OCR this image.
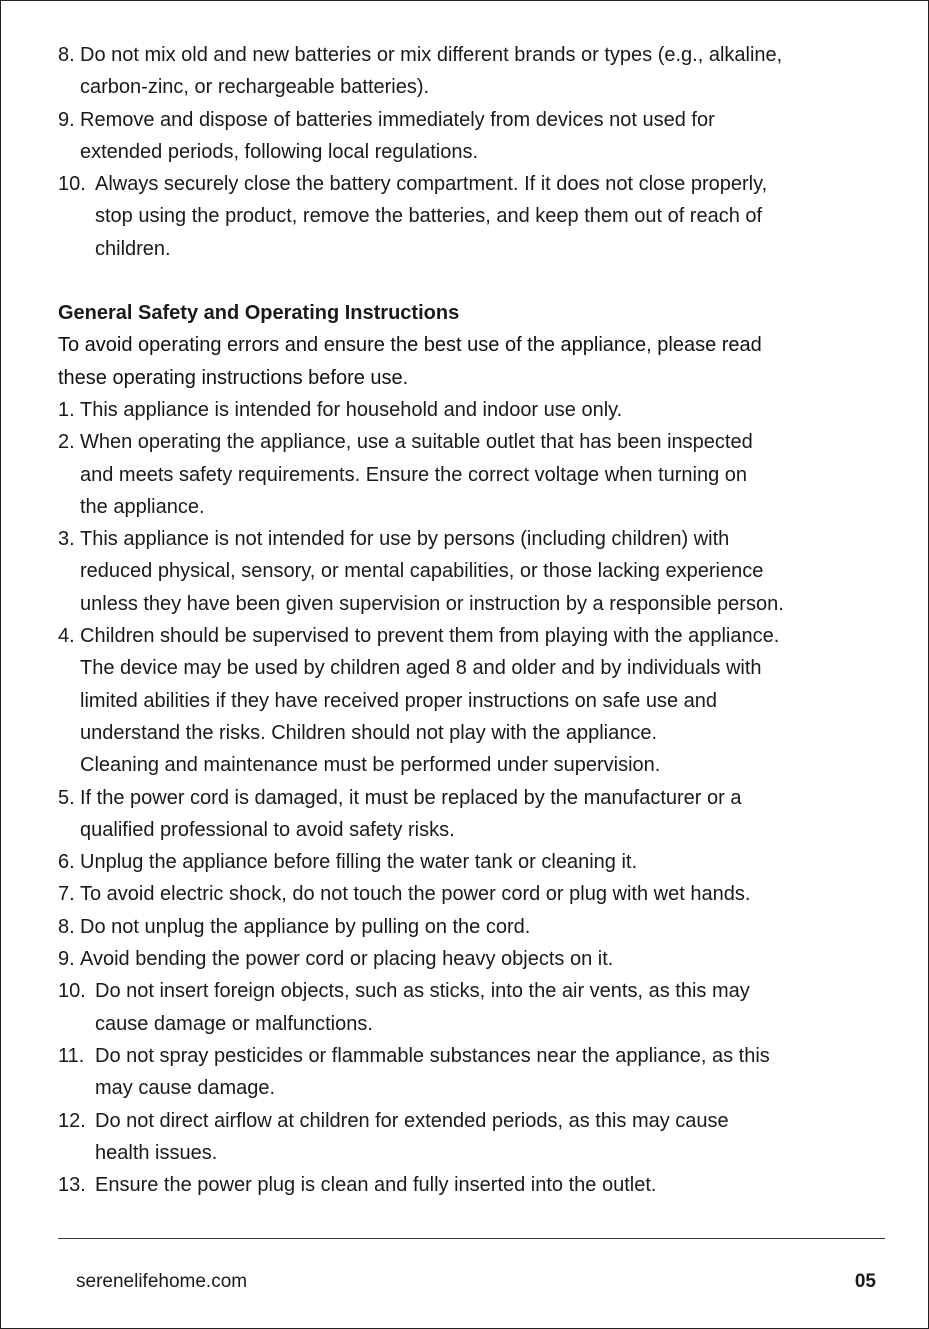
8. Do not mix old and new batteries or mix different brands or types (e.g., alkaline,
carbon-zinc, or rechargeable batteries).
9. Remove and dispose of batteries immediately from devices not used for
extended periods, following local regulations.
10. Always securely close the battery compartment. If it does not close properly,
stop using the product, remove the batteries, and keep them out of reach of
children.
General Safety and Operating Instructions
To avoid operating errors and ensure the best use of the appliance, please read
these operating instructions before use.
1. This appliance is intended for household and indoor use only.
2. When operating the appliance, use a suitable outlet that has been inspected
and meets safety requirements. Ensure the correct voltage when turning on
the appliance.
3. This appliance is not intended for use by persons (including children) with
reduced physical, sensory, or mental capabilities, or those lacking experience
unless they have been given supervision or instruction by a responsible person.
4. Children should be supervised to prevent them from playing with the appliance.
The device may be used by children aged 8 and older and by individuals with
limited abilities if they have received proper instructions on safe use and
understand the risks. Children should not play with the appliance.
Cleaning and maintenance must be performed under supervision.
5. If the power cord is damaged, it must be replaced by the manufacturer or a
qualified professional to avoid safety risks.
6. Unplug the appliance before filling the water tank or cleaning it.
7. To avoid electric shock, do not touch the power cord or plug with wet hands.
8. Do not unplug the appliance by pulling on the cord.
9. Avoid bending the power cord or placing heavy objects on it.
10. Do not insert foreign objects, such as sticks, into the air vents, as this may
cause damage or malfunctions.
11. Do not spray pesticides or flammable substances near the appliance, as this
may cause damage.
12. Do not direct airflow at children for extended periods, as this may cause
health issues.
13. Ensure the power plug is clean and fully inserted into the outlet.
serenelifehome.com	05
